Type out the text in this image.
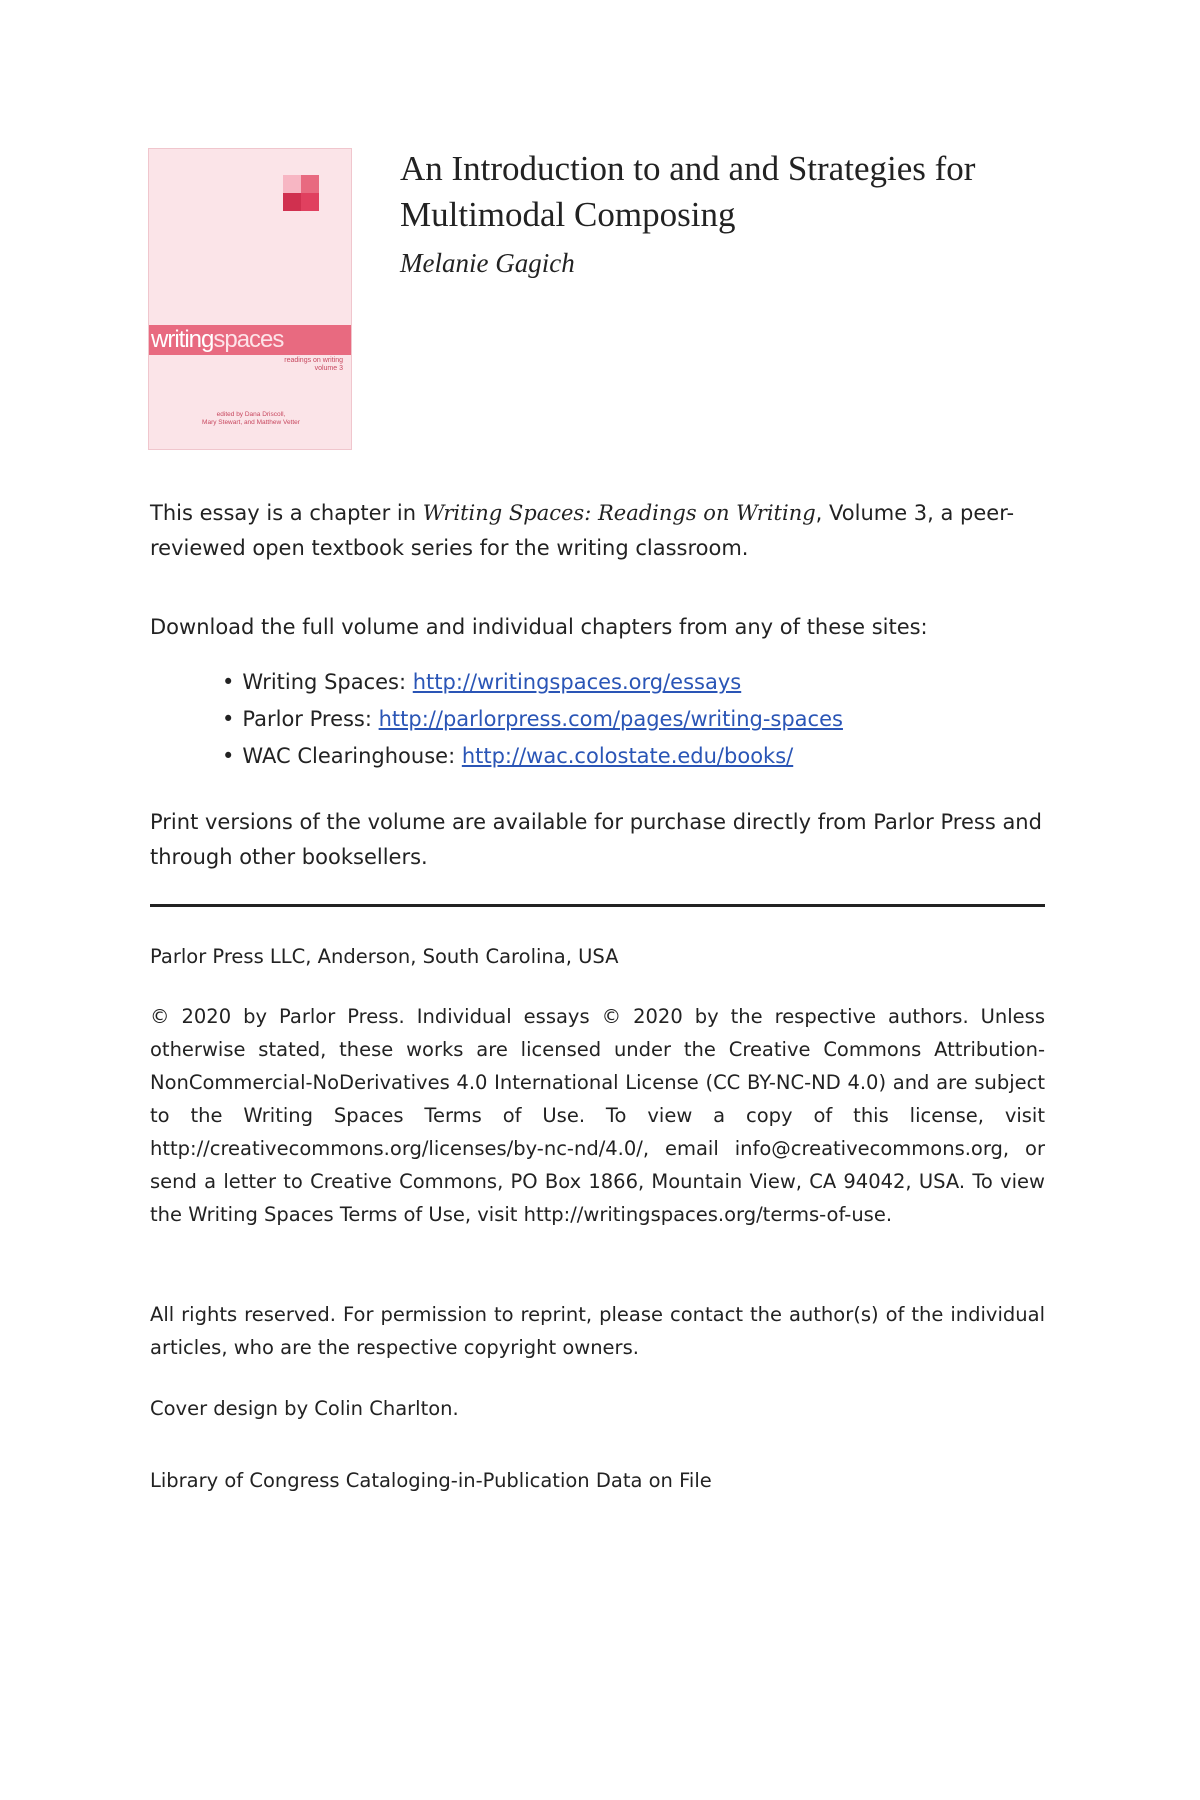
writingspaces
readings on writing
volume 3
edited by Dana Driscoll,
Mary Stewart, and Matthew Vetter
An Introduction to and and Strategies for Multimodal Composing
Melanie Gagich
This essay is a chapter in Writing Spaces: Readings on Writing, Volume 3, a peer-reviewed open textbook series for the writing classroom.
Download the full volume and individual chapters from any of these sites:
• Writing Spaces: http://writingspaces.org/essays
• Parlor Press: http://parlorpress.com/pages/writing-spaces
• WAC Clearinghouse: http://wac.colostate.edu/books/
Print versions of the volume are available for purchase directly from Parlor Press and through other booksellers.
Parlor Press LLC, Anderson, South Carolina, USA
© 2020 by Parlor Press. Individual essays © 2020 by the respective authors. Unless otherwise stated, these works are licensed under the Creative Commons Attribution-NonCommercial-NoDerivatives 4.0 International License (CC BY-NC-ND 4.0) and are subject to the Writing Spaces Terms of Use. To view a copy of this license, visit http://creativecommons.org/licenses/by-nc-nd/4.0/, email info@creativecommons.org, or send a letter to Creative Commons, PO Box 1866, Mountain View, CA 94042, USA. To view the Writing Spaces Terms of Use, visit http://writingspaces.org/terms-of-use.
All rights reserved. For permission to reprint, please contact the author(s) of the individual articles, who are the respective copyright owners.
Cover design by Colin Charlton.
Library of Congress Cataloging-in-Publication Data on File
